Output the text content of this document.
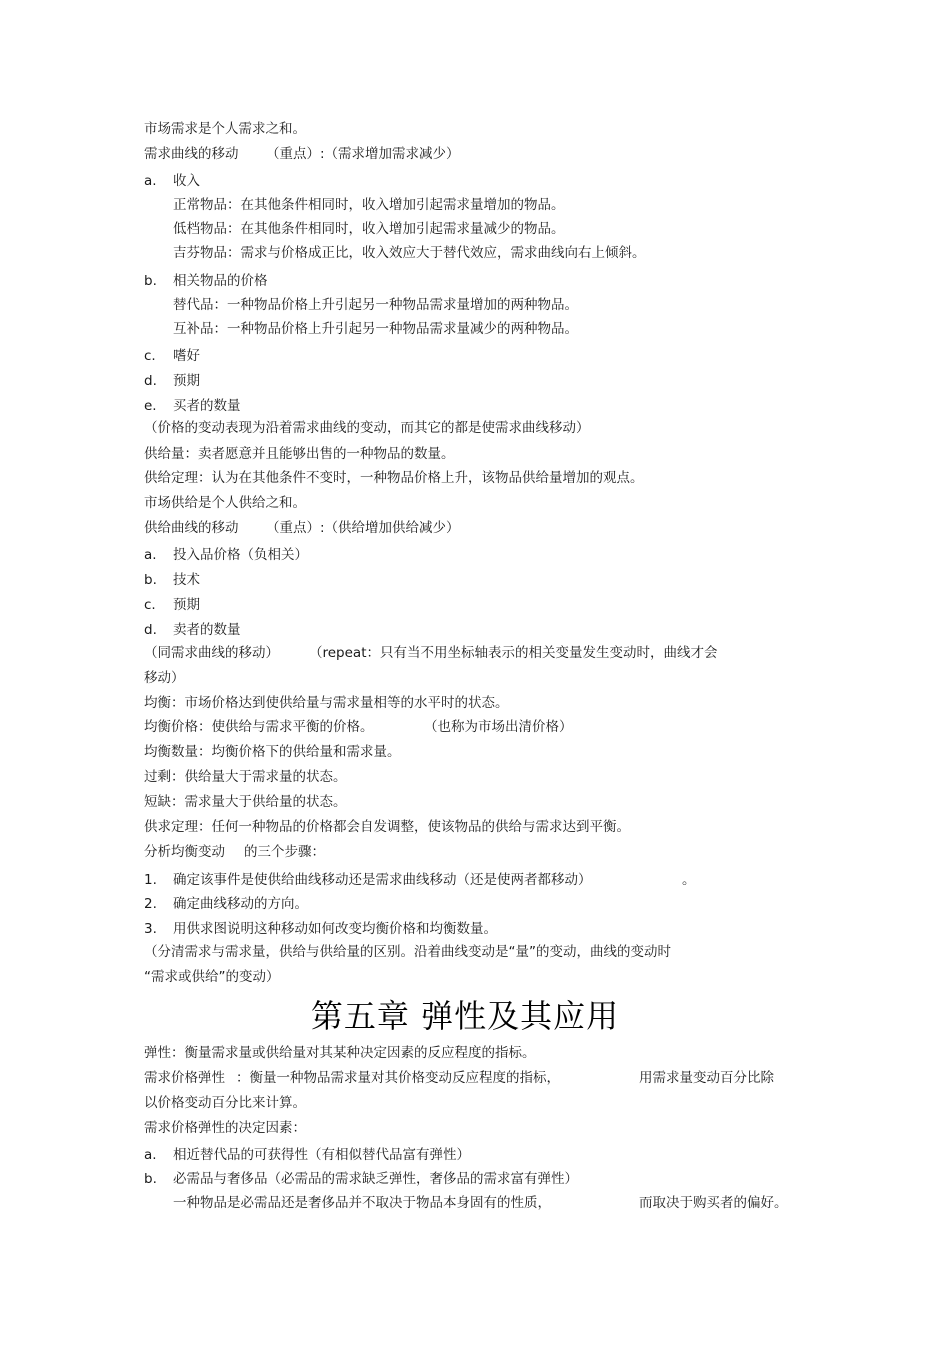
市场需求是个人需求之和。
需求曲线的移动 （重点）:（需求增加需求减少）
a. 收入
正常物品：在其他条件相同时，收入增加引起需求量增加的物品。
低档物品：在其他条件相同时，收入增加引起需求量减少的物品。
吉芬物品：需求与价格成正比，收入效应大于替代效应，需求曲线向右上倾斜。
b. 相关物品的价格
替代品：一种物品价格上升引起另一种物品需求量增加的两种物品。
互补品：一种物品价格上升引起另一种物品需求量减少的两种物品。
c. 嗜好
d. 预期
e. 买者的数量
（价格的变动表现为沿着需求曲线的变动，而其它的都是使需求曲线移动）
供给量：卖者愿意并且能够出售的一种物品的数量。
供给定理：认为在其他条件不变时，一种物品价格上升，该物品供给量增加的观点。
市场供给是个人供给之和。
供给曲线的移动 （重点）:（供给增加供给减少）
a. 投入品价格（负相关）
b. 技术
c. 预期
d. 卖者的数量
（同需求曲线的移动） （repeat：只有当不用坐标轴表示的相关变量发生变动时，曲线才会
移动）
均衡：市场价格达到使供给量与需求量相等的水平时的状态。
均衡价格：使供给与需求平衡的价格。	（也称为市场出清价格）
均衡数量：均衡价格下的供给量和需求量。
过剩：供给量大于需求量的状态。
短缺：需求量大于供给量的状态。
供求定理：任何一种物品的价格都会自发调整，使该物品的供给与需求达到平衡。
分析均衡变动 的三个步骤：
1. 确定该事件是使供给曲线移动还是需求曲线移动（还是使两者都移动）	。
2. 确定曲线移动的方向。
3. 用供求图说明这种移动如何改变均衡价格和均衡数量。
（分清需求与需求量，供给与供给量的区别。沿着曲线变动是“量”的变动，曲线的变动时
“需求或供给”的变动）
第五章 弹性及其应用
弹性：衡量需求量或供给量对其某种决定因素的反应程度的指标。
需求价格弹性 ：衡量一种物品需求量对其价格变动反应程度的指标，	用需求量变动百分比除
以价格变动百分比来计算。
需求价格弹性的决定因素：
a. 相近替代品的可获得性（有相似替代品富有弹性）
b. 必需品与奢侈品（必需品的需求缺乏弹性，奢侈品的需求富有弹性）
一种物品是必需品还是奢侈品并不取决于物品本身固有的性质，	而取决于购买者的偏好。
